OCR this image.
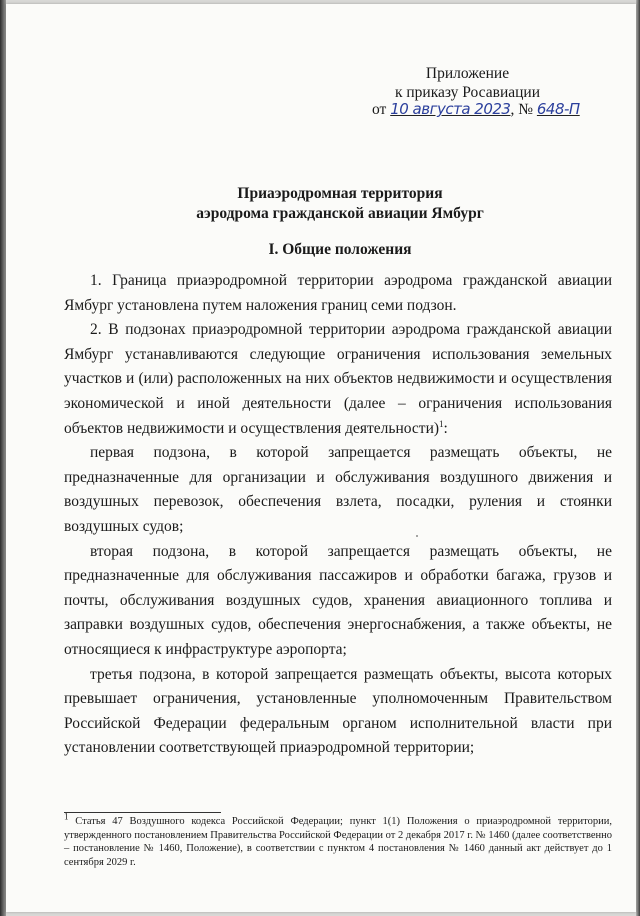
Приложение
к приказу Росавиации
от 10 августа 2023, № 648-П
Приаэродромная территория
аэродрома гражданской авиации Ямбург
I. Общие положения

1. Граница приаэродромной территории аэродрома гражданской авиации Ямбург установлена путем наложения границ семи подзон.

2. В подзонах приаэродромной территории аэродрома гражданской авиации Ямбург устанавливаются следующие ограничения использования земельных участков и (или) расположенных на них объектов недвижимости и осуществления экономической и иной деятельности (далее – ограничения использования объектов недвижимости и осуществления деятельности)$^1$:

первая подзона, в которой запрещается размещать объекты, не предназначенные для организации и обслуживания воздушного движения и воздушных перевозок, обеспечения взлета, посадки, руления и стоянки воздушных судов;

вторая подзона, в которой запрещается размещать объекты, не предназначенные для обслуживания пассажиров и обработки багажа, грузов и почты, обслуживания воздушных судов, хранения авиационного топлива и заправки воздушных судов, обеспечения энергоснабжения, а также объекты, не относящиеся к инфраструктуре аэропорта;

третья подзона, в которой запрещается размещать объекты, высота которых превышает ограничения, установленные уполномоченным Правительством Российской Федерации федеральным органом исполнительной власти при установлении соответствующей приаэродромной территории;

$^1$ Статья 47 Воздушного кодекса Российской Федерации; пункт 1(1) Положения о приаэродромной территории, утвержденного постановлением Правительства Российской Федерации от 2 декабря 2017 г. № 1460 (далее соответственно – постановление № 1460, Положение), в соответствии с пунктом 4 постановления № 1460 данный акт действует до 1 сентября 2029 г.
